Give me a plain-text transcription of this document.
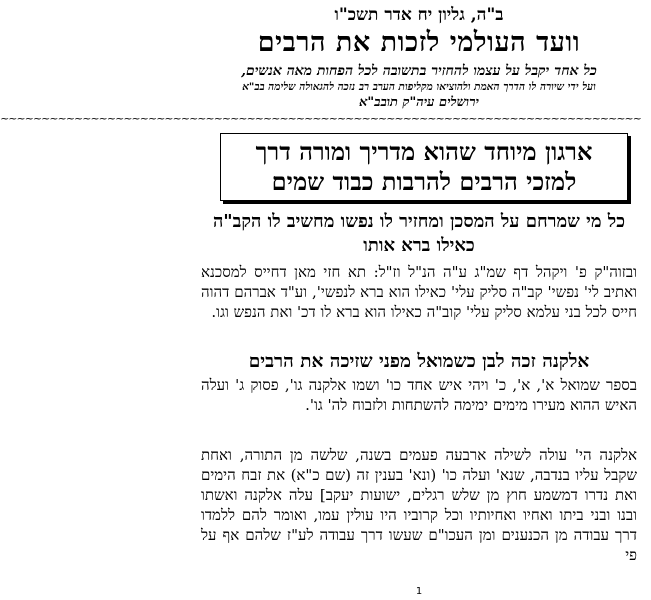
ב"ה, גליון יח אדר תשכ"ו
וועד העולמי לזכות את הרבים
כל אחד יקבל על עצמו להחזיר בתשובה לכל הפחות מאה אנשים,
ועל ידי שיורה לו הדרך האמת ולהוציאו מקליפות הערב רב נזכה להגאולה שלימה בב"א
ירושלים עיה"ק תובב"א
~~~~~~~~~~~~~~~~~~~~~~~~~~~~~~~~~~~~~~~~~~~~~~~~~~~~~~~~~~~~~~~~~~~~~~~~~~~~~~
ארגון מיוחד שהוא מדריך ומורה דרך
למזכי הרבים להרבות כבוד שמים
כל מי שמרחם על המסכן ומחזיר לו נפשו מחשיב לו הקב"ה כאילו ברא אותו
ובזוה"ק פ' ויקהל דף שמ"ג ע"ה הנ"ל וז"ל: תא חזי מאן דחייס למסכנא ואתיב לי' נפשי' קב"ה סליק עלי' כאילו הוא ברא לנפשי', וע"ד אברהם דהוה חייס לכל בני עלמא סליק עלי' קוב"ה כאילו הוא ברא לו דכ' ואת הנפש וגו.
אלקנה זכה לבן כשמואל מפני שזיכה את הרבים
בספר שמואל א', א', כ' ויהי איש אחד כו' ושמו אלקנה גו', פסוק ג' ועלה האיש ההוא מעירו מימים ימימה להשתחות ולזבוח לה' גו'.
אלקנה הי' עולה לשילה ארבעה פעמים בשנה, שלשה מן התורה, ואחת שקבל עליו בנדבה, שנא' ועלה כו' (ונא' בענין זה (שם כ"א) את זבח הימים ואת נדרו דמשמע חוץ מן שלש רגלים, ישועות יעקב] עלה אלקנה ואשתו ובנו ובני ביתו ואחיו ואחיותיו וכל קרוביו היו עולין עמו, ואומר להם ללמדו דרך עבודה מן הכנענים ומן העכו"ם שעשו דרך עבודה לע"ז שלהם אף על פי
1
